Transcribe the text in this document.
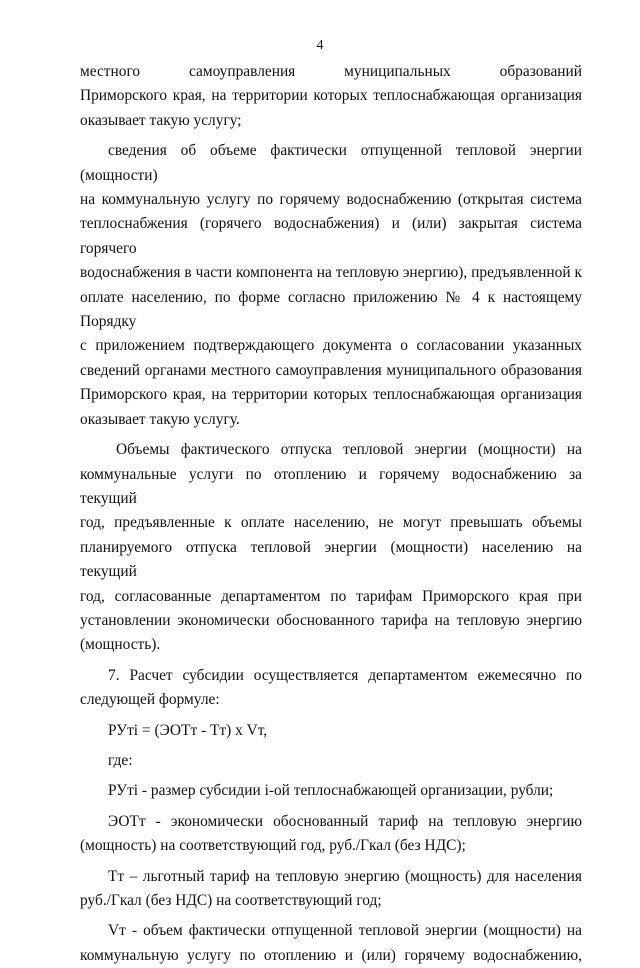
4

местного самоуправления муниципальных образований

Приморского края, на территории которых теплоснабжающая организация

оказывает такую услугу;

сведения об объеме фактически отпущенной тепловой энергии (мощности)

на коммунальную услугу по горячему водоснабжению (открытая система

теплоснабжения (горячего водоснабжения) и (или) закрытая система горячего

водоснабжения в части компонента на тепловую энергию), предъявленной к

оплате населению, по форме согласно приложению № 4 к настоящему Порядку

с приложением подтверждающего документа о согласовании указанных

сведений органами местного самоуправления муниципального образования

Приморского края, на территории которых теплоснабжающая организация

оказывает такую услугу.

Объемы фактического отпуска тепловой энергии (мощности) на

коммунальные услуги по отоплению и горячему водоснабжению за текущий

год, предъявленные к оплате населению, не могут превышать объемы

планируемого отпуска тепловой энергии (мощности) населению на текущий

год, согласованные департаментом по тарифам Приморского края при

установлении экономически обоснованного тарифа на тепловую энергию

(мощность).

7. Расчет субсидии осуществляется департаментом ежемесячно по

следующей формуле:

РУтi = (ЭОТт - Тт) х Vт,

где:

РУтi - размер субсидии i-ой теплоснабжающей организации, рубли;

ЭОТт - экономически обоснованный тариф на тепловую энергию

(мощность) на соответствующий год, руб./Гкал (без НДС);

Тт – льготный тариф на тепловую энергию (мощность) для населения

руб./Гкал (без НДС) на соответствующий год;

Vт - объем фактически отпущенной тепловой энергии (мощности) на

коммунальную услугу по отоплению и (или) горячему водоснабжению,
